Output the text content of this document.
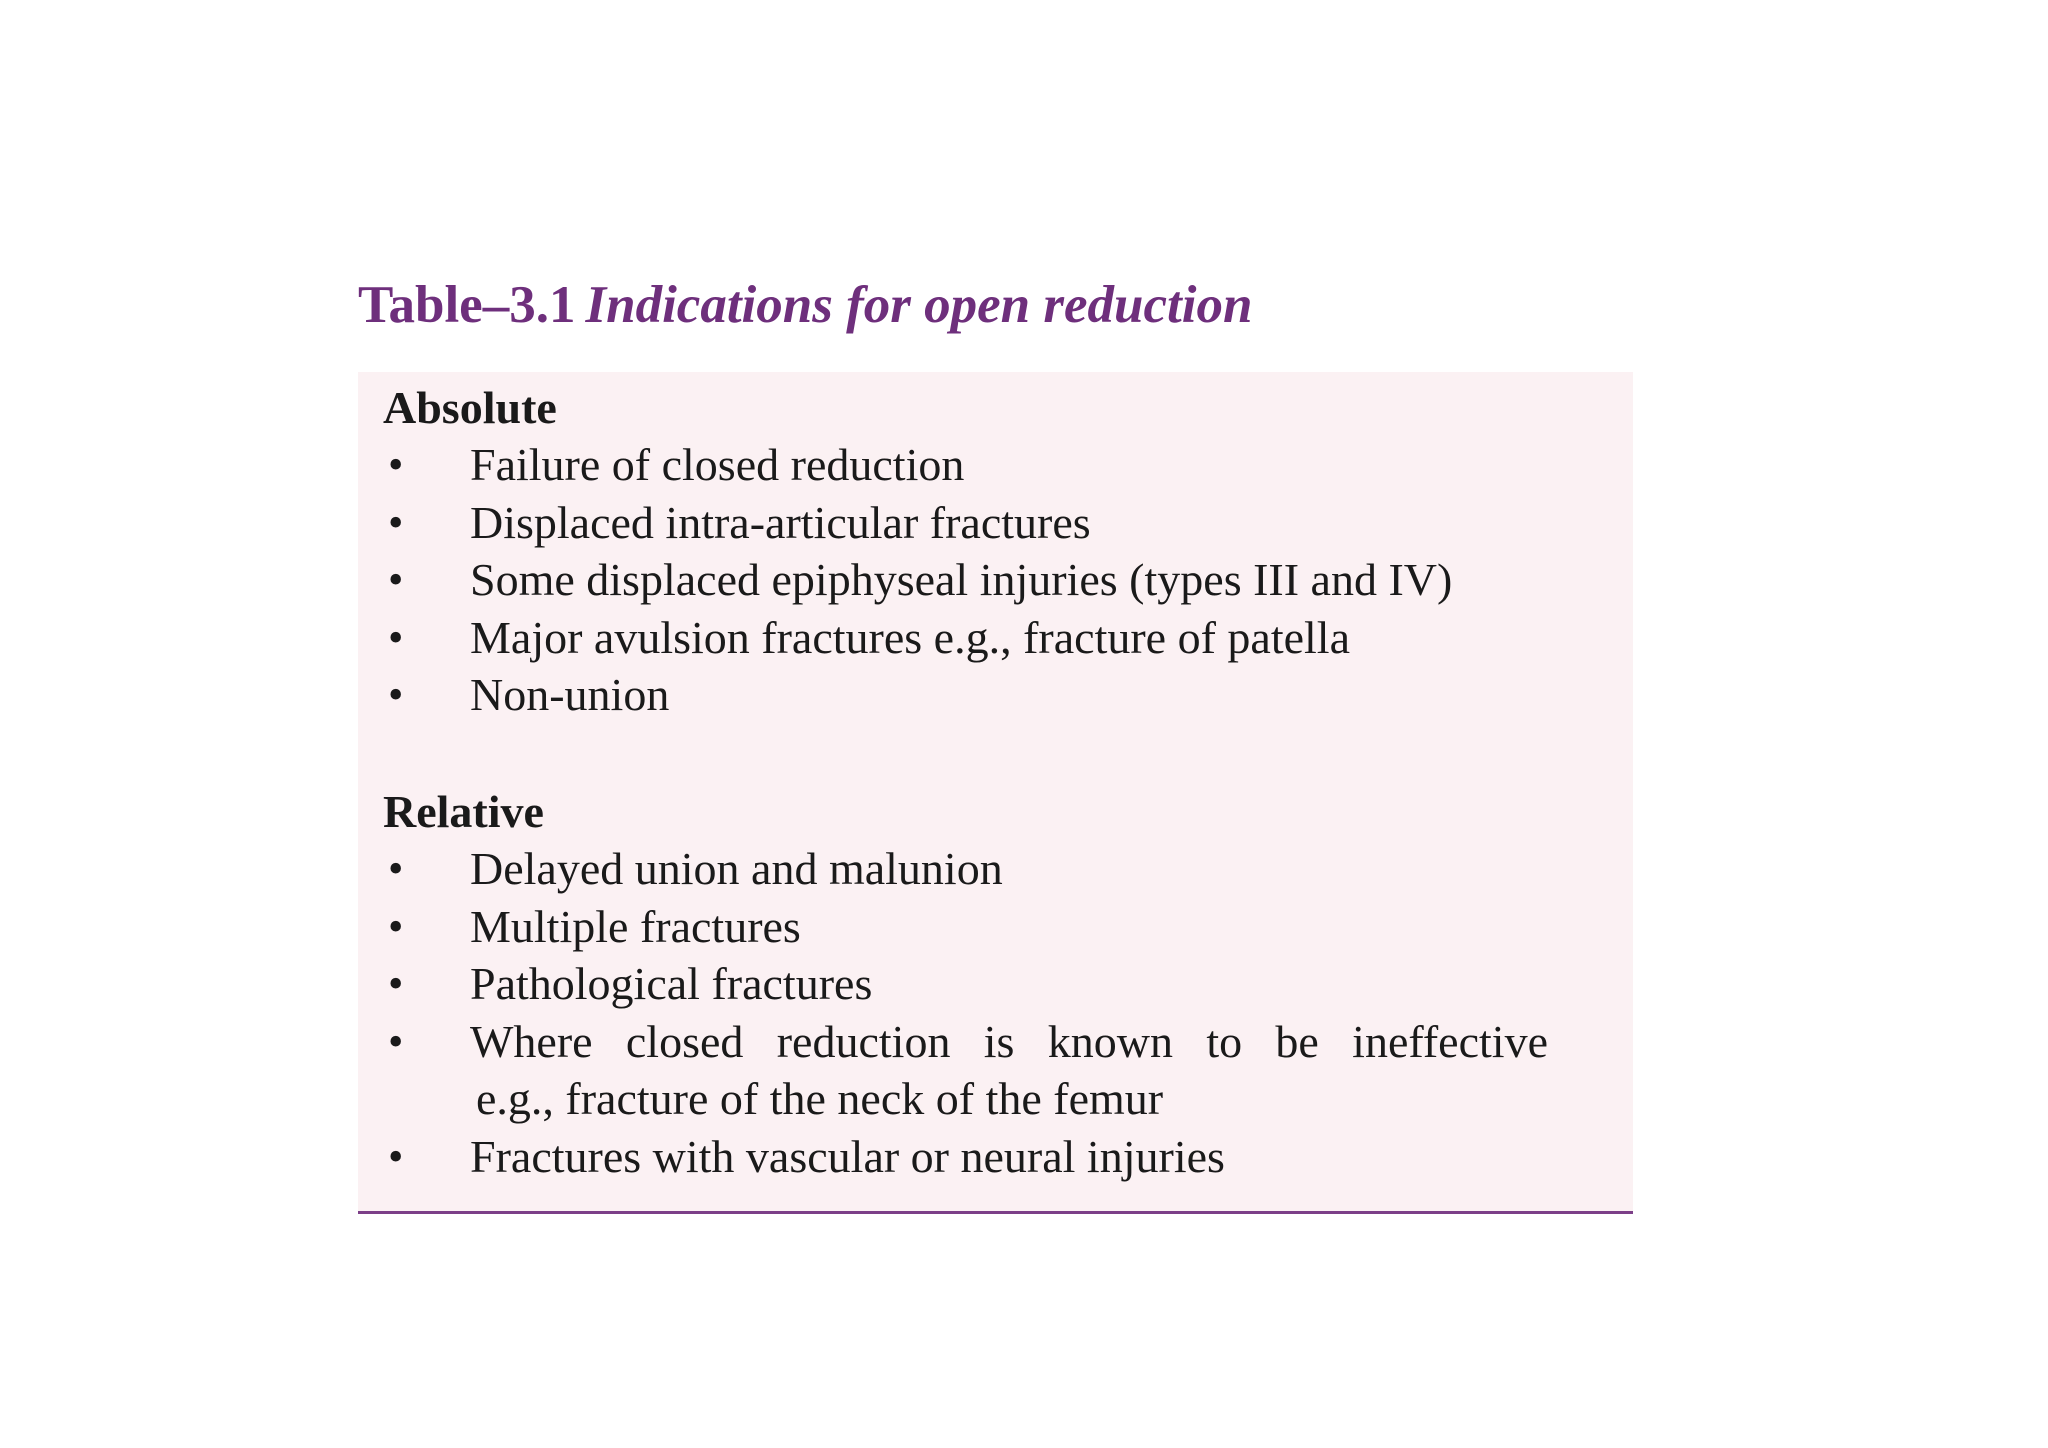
Table–3.1 Indications for open reduction
Absolute
• Failure of closed reduction
• Displaced intra-articular fractures
• Some displaced epiphyseal injuries (types III and IV)
• Major avulsion fractures e.g., fracture of patella
• Non-union
Relative
• Delayed union and malunion
• Multiple fractures
• Pathological fractures
• Where closed reduction is known to be ineffective
e.g., fracture of the neck of the femur
• Fractures with vascular or neural injuries
